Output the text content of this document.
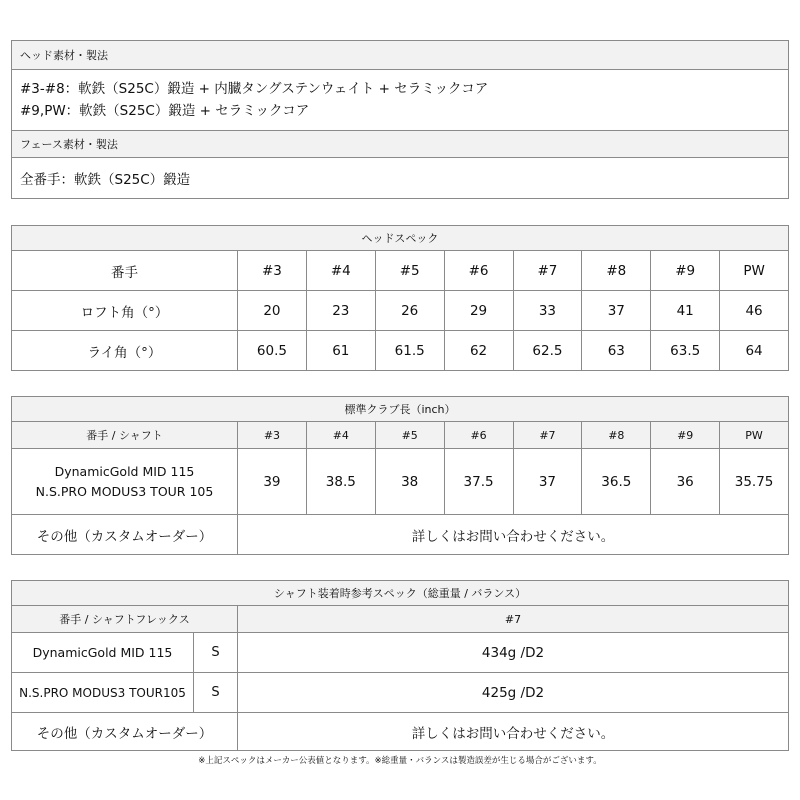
ヘッド素材・製法

#3-#8：軟鉄（S25C）鍛造 + 内臓タングステンウェイト + セラミックコア
#9,PW：軟鉄（S25C）鍛造 + セラミックコア

フェース素材・製法
全番手：軟鉄（S25C）鍛造
ヘッドスペック								
番手	#3	#4	#5	#6	#7	#8	#9	PW
ロフト角（°）	20	23	26	29	33	37	41	46
ライ角（°）	60.5	61	61.5	62	62.5	63	63.5	64
標準クラブ長（inch）								
番手 / シャフト	#3	#4	#5	#6	#7	#8	#9	PW

DynamicGold MID 115
N.S.PRO MODUS3 TOUR 105	39	38.5	38	37.5	37	36.5	36	35.75
その他（カスタムオーダー）	詳しくはお問い合わせください。							
シャフト装着時参考スペック（総重量 / バランス）		
番手 / シャフトフレックス		#7
DynamicGold MID 115	S	434g /D2
N.S.PRO MODUS3 TOUR105	S	425g /D2
その他（カスタムオーダー）		詳しくはお問い合わせください。
※上記スペックはメーカー公表値となります。※総重量・バランスは製造誤差が生じる場合がございます。
